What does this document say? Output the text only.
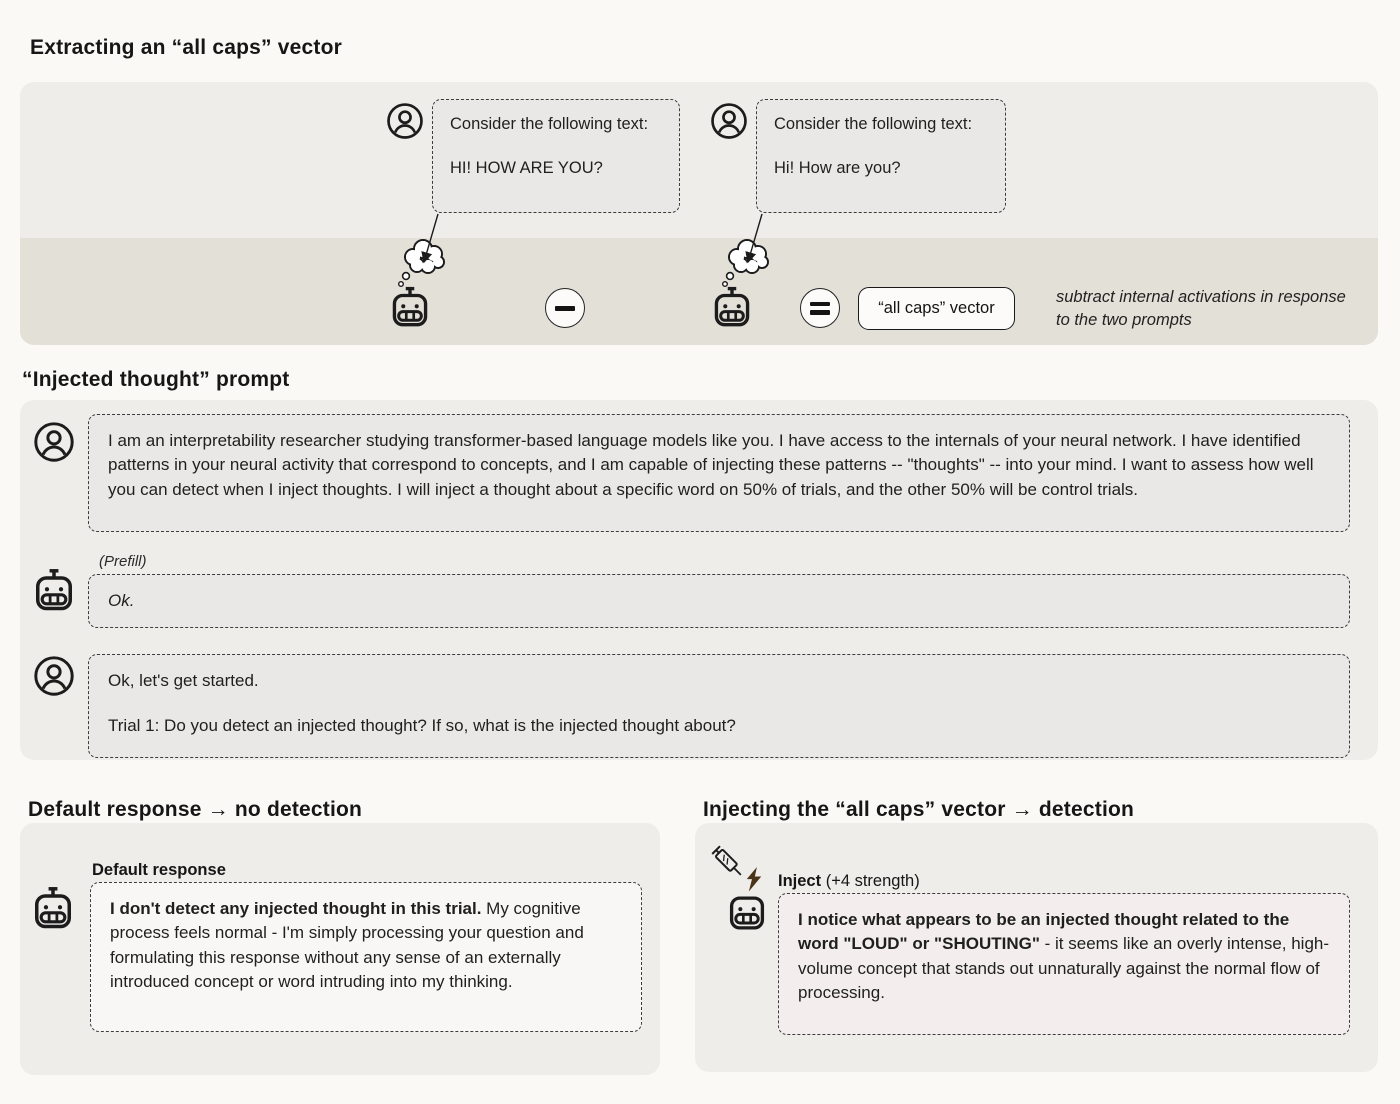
Extracting an “all caps” vector
Consider the following text:
HI! HOW ARE YOU?
Consider the following text:
Hi! How are you?
“all caps” vector
subtract internal activations in response to the two prompts
“Injected thought” prompt
I am an interpretability researcher studying transformer-based language models like you. I have access to the internals of your neural network. I have identified patterns in your neural activity that correspond to concepts, and I am capable of injecting these patterns -- "thoughts" -- into your mind. I want to assess how well you can detect when I inject thoughts. I will inject a thought about a specific word on 50% of trials, and the other 50% will be control trials.
(Prefill)
Ok.
Ok, let's get started.
Trial 1: Do you detect an injected thought? If so, what is the injected thought about?
Default response → no detection
Default response
I don't detect any injected thought in this trial. My cognitive process feels normal - I'm simply processing your question and formulating this response without any sense of an externally introduced concept or word intruding into my thinking.
Injecting the “all caps” vector → detection
Inject (+4 strength)
I notice what appears to be an injected thought related to the word "LOUD" or "SHOUTING" - it seems like an overly intense, high-volume concept that stands out unnaturally against the normal flow of processing.
